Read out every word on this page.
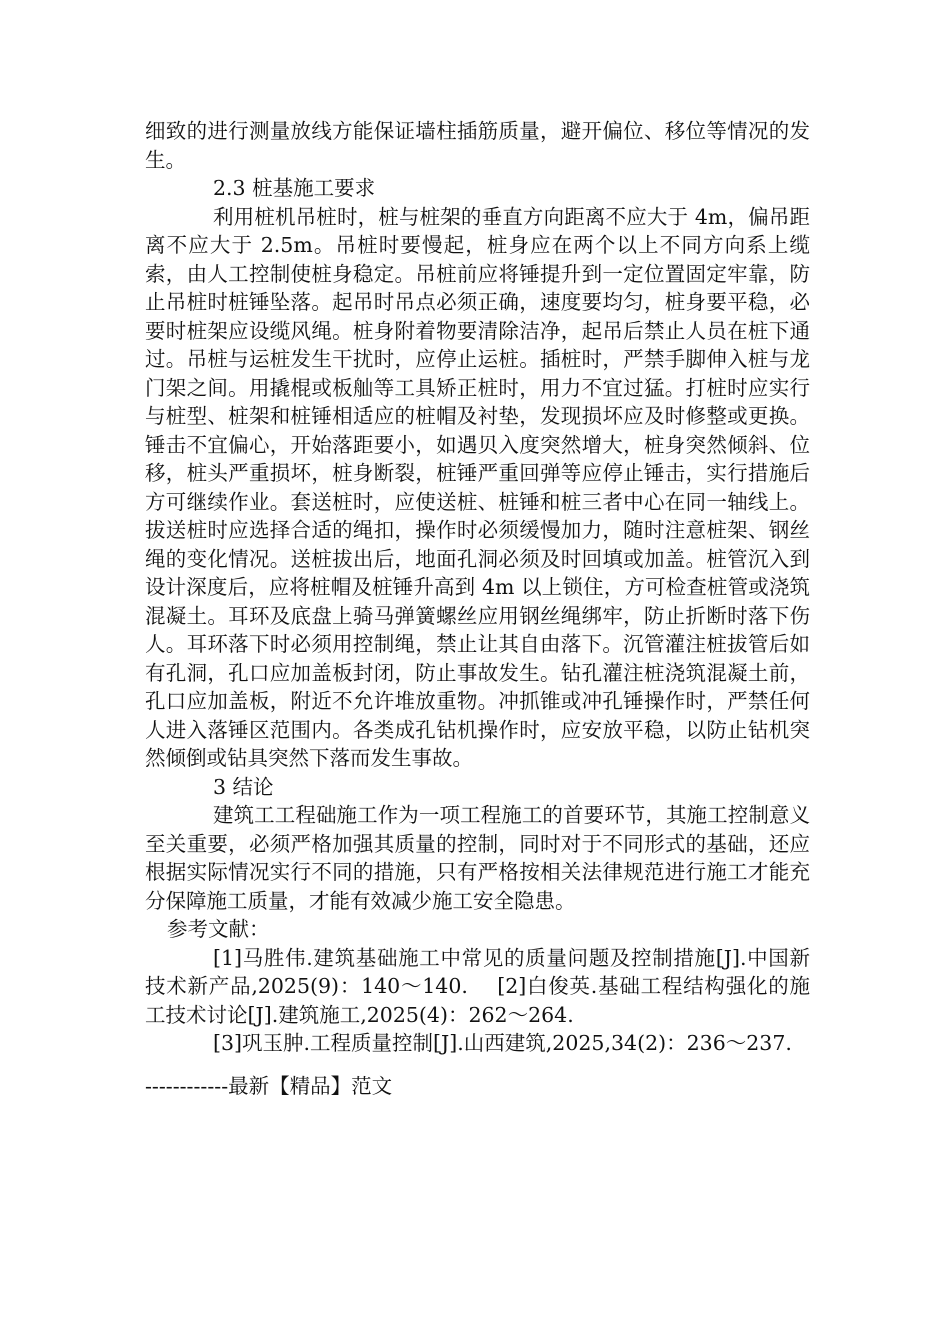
细致的进行测量放线方能保证墙柱插筋质量，避开偏位、移位等情况的发生。

2.3 桩基施工要求

利用桩机吊桩时，桩与桩架的垂直方向距离不应大于 4m，偏吊距离不应大于 2.5m。吊桩时要慢起，桩身应在两个以上不同方向系上缆索，由人工控制使桩身稳定。吊桩前应将锤提升到一定位置固定牢靠，防止吊桩时桩锤坠落。起吊时吊点必须正确，速度要均匀，桩身要平稳，必要时桩架应设缆风绳。桩身附着物要清除洁净，起吊后禁止人员在桩下通过。吊桩与运桩发生干扰时，应停止运桩。插桩时，严禁手脚伸入桩与龙门架之间。用撬棍或板舢等工具矫正桩时，用力不宜过猛。打桩时应实行与桩型、桩架和桩锤相适应的桩帽及衬垫，发现损坏应及时修整或更换。锤击不宜偏心，开始落距要小，如遇贝入度突然增大，桩身突然倾斜、位移，桩头严重损坏，桩身断裂，桩锤严重回弹等应停止锤击，实行措施后方可继续作业。套送桩时，应使送桩、桩锤和桩三者中心在同一轴线上。拔送桩时应选择合适的绳扣，操作时必须缓慢加力，随时注意桩架、钢丝绳的变化情况。送桩拔出后，地面孔洞必须及时回填或加盖。桩管沉入到设计深度后，应将桩帽及桩锤升高到 4m 以上锁住，方可检查桩管或浇筑混凝土。耳环及底盘上骑马弹簧螺丝应用钢丝绳绑牢，防止折断时落下伤人。耳环落下时必须用控制绳，禁止让其自由落下。沉管灌注桩拔管后如有孔洞，孔口应加盖板封闭，防止事故发生。钻孔灌注桩浇筑混凝土前，孔口应加盖板，附近不允许堆放重物。冲抓锥或冲孔锤操作时，严禁任何人进入落锤区范围内。各类成孔钻机操作时，应安放平稳，以防止钻机突然倾倒或钻具突然下落而发生事故。

3 结论

建筑工工程础施工作为一项工程施工的首要环节，其施工控制意义至关重要，必须严格加强其质量的控制，同时对于不同形式的基础，还应根据实际情况实行不同的措施，只有严格按相关法律规范进行施工才能充分保障施工质量，才能有效减少施工安全隐患。

参考文献：

[1]马胜伟.建筑基础施工中常见的质量问题及控制措施[J].中国新技术新产品,2025(9)：140～140.　 [2]白俊英.基础工程结构强化的施工技术讨论[J].建筑施工,2025(4)：262～264.

[3]巩玉肿.工程质量控制[J].山西建筑,2025,34(2)：236～237.

------------最新【精品】范文
